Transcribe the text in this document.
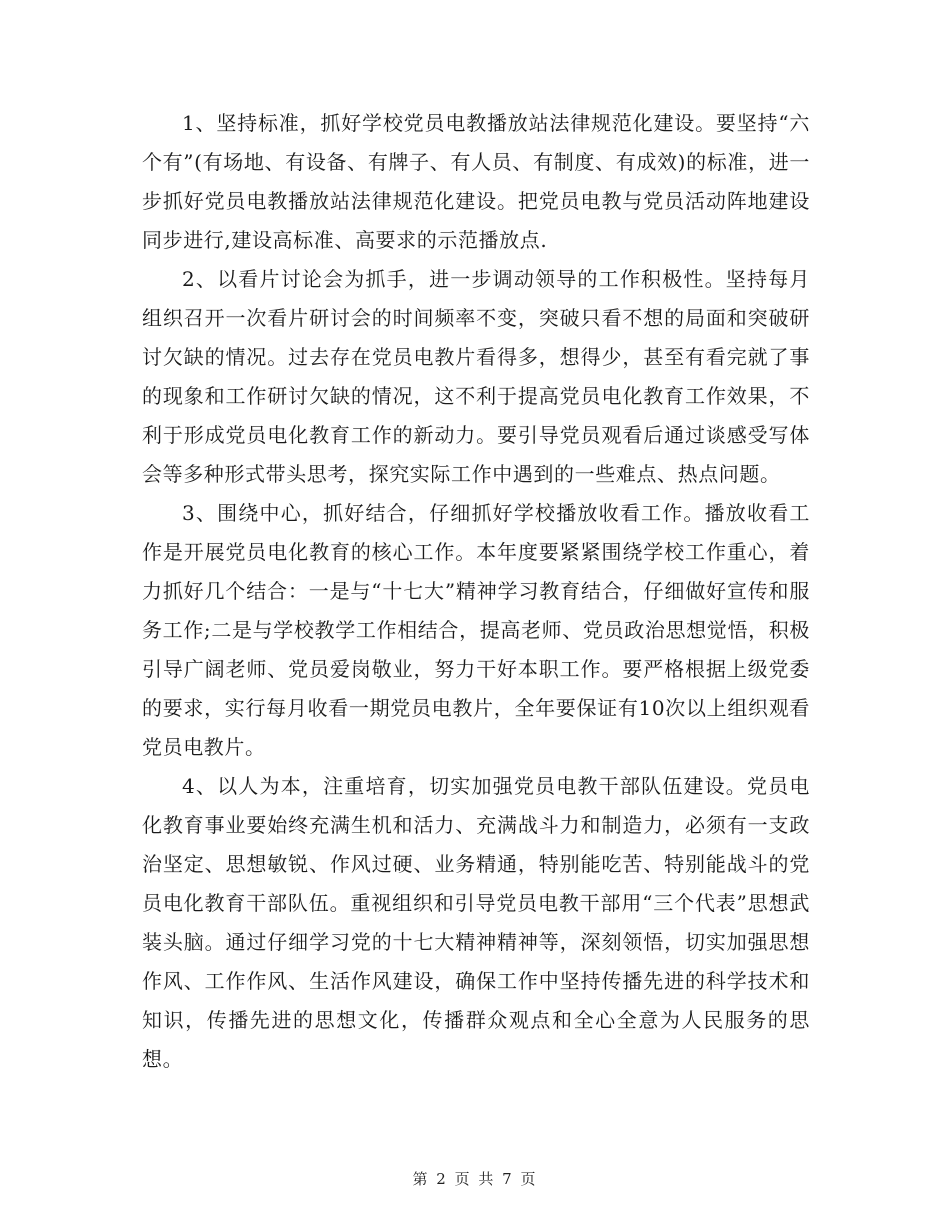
1、坚持标准，抓好学校党员电教播放站法律规范化建设。要坚持“六个有”(有场地、有设备、有牌子、有人员、有制度、有成效)的标准，进一步抓好党员电教播放站法律规范化建设。把党员电教与党员活动阵地建设同步进行,建设高标准、高要求的示范播放点.

2、以看片讨论会为抓手，进一步调动领导的工作积极性。坚持每月组织召开一次看片研讨会的时间频率不变，突破只看不想的局面和突破研讨欠缺的情况。过去存在党员电教片看得多，想得少，甚至有看完就了事的现象和工作研讨欠缺的情况，这不利于提高党员电化教育工作效果，不利于形成党员电化教育工作的新动力。要引导党员观看后通过谈感受写体会等多种形式带头思考，探究实际工作中遇到的一些难点、热点问题。

3、围绕中心，抓好结合，仔细抓好学校播放收看工作。播放收看工作是开展党员电化教育的核心工作。本年度要紧紧围绕学校工作重心，着力抓好几个结合：一是与“十七大”精神学习教育结合，仔细做好宣传和服务工作;二是与学校教学工作相结合，提高老师、党员政治思想觉悟，积极引导广阔老师、党员爱岗敬业，努力干好本职工作。要严格根据上级党委的要求，实行每月收看一期党员电教片，全年要保证有10次以上组织观看党员电教片。

4、以人为本，注重培育，切实加强党员电教干部队伍建设。党员电化教育事业要始终充满生机和活力、充满战斗力和制造力，必须有一支政治坚定、思想敏锐、作风过硬、业务精通，特别能吃苦、特别能战斗的党员电化教育干部队伍。重视组织和引导党员电教干部用“三个代表”思想武装头脑。通过仔细学习党的十七大精神精神等，深刻领悟，切实加强思想作风、工作作风、生活作风建设，确保工作中坚持传播先进的科学技术和知识，传播先进的思想文化，传播群众观点和全心全意为人民服务的思想。

第 2 页 共 7 页
